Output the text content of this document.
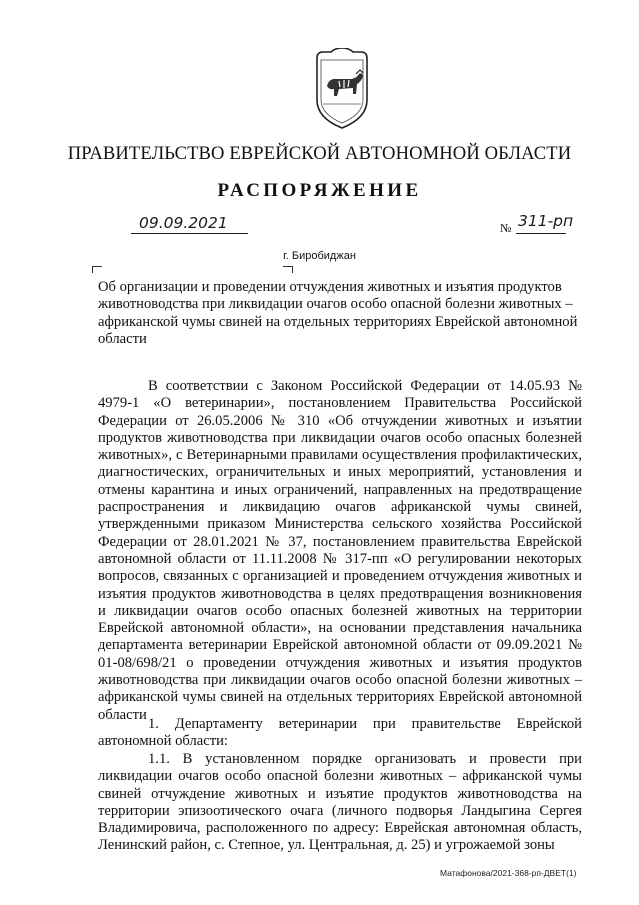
ПРАВИТЕЛЬСТВО ЕВРЕЙСКОЙ АВТОНОМНОЙ ОБЛАСТИ
РАСПОРЯЖЕНИЕ
09.09.2021	№ 311-рп
г. Биробиджан
Об организации и проведении отчуждения животных и изъятия продуктов животноводства при ликвидации очагов особо опасной болезни животных – африканской чумы свиней на отдельных территориях Еврейской автономной области
В соответствии с Законом Российской Федерации от 14.05.93 № 4979-1 «О ветеринарии», постановлением Правительства Российской Федерации от 26.05.2006 № 310 «Об отчуждении животных и изъятии продуктов животноводства при ликвидации очагов особо опасных болезней животных», с Ветеринарными правилами осуществления профилактических, диагностических, ограничительных и иных мероприятий, установления и отмены карантина и иных ограничений, направленных на предотвращение распространения и ликвидацию очагов африканской чумы свиней, утвержденными приказом Министерства сельского хозяйства Российской Федерации от 28.01.2021 № 37, постановлением правительства Еврейской автономной области от 11.11.2008 № 317-пп «О регулировании некоторых вопросов, связанных с организацией и проведением отчуждения животных и изъятия продуктов животноводства в целях предотвращения возникновения и ликвидации очагов особо опасных болезней животных на территории Еврейской автономной области», на основании представления начальника департамента ветеринарии Еврейской автономной области от 09.09.2021 № 01-08/698/21 о проведении отчуждения животных и изъятия продуктов животноводства при ликвидации очагов особо опасной болезни животных – африканской чумы свиней на отдельных территориях Еврейской автономной области
1. Департаменту ветеринарии при правительстве Еврейской автономной области:
1.1. В установленном порядке организовать и провести при ликвидации очагов особо опасной болезни животных – африканской чумы свиней отчуждение животных и изъятие продуктов животноводства на территории эпизоотического очага (личного подворья Ландыгина Сергея Владимировича, расположенного по адресу: Еврейская автономная область, Ленинский район, с. Степное, ул. Центральная, д. 25) и угрожаемой зоны
Матафонова/2021-368-рп-ДВЕТ(1)
